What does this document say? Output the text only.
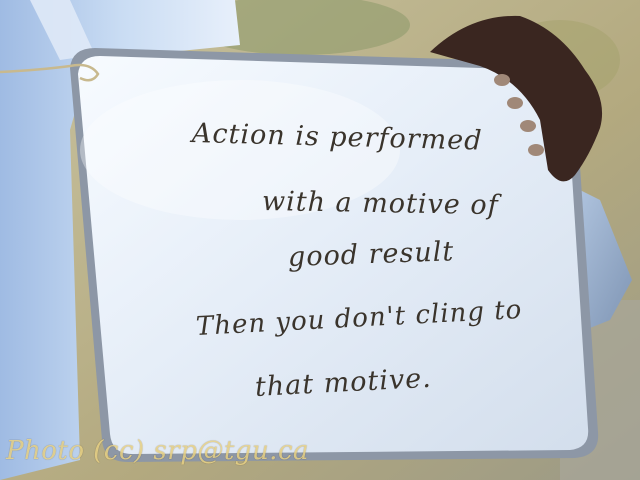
Action is performed
with a motive of
good result
Then you don't cling to
that motive.
Photo (cc) srp@tgu.ca
